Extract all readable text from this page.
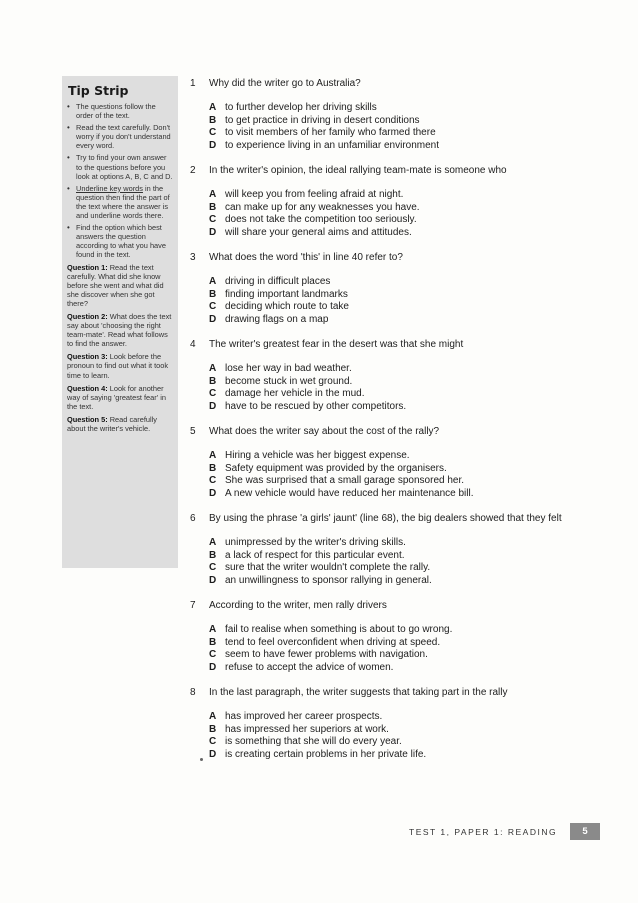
Tip Strip
• The questions follow the order of the text.
• Read the text carefully. Don't worry if you don't understand every word.
• Try to find your own answer to the questions before you look at options A, B, C and D.
• Underline key words in the question then find the part of the text where the answer is and underline words there.
• Find the option which best answers the question according to what you have found in the text.
Question 1: Read the text carefully. What did she know before she went and what did she discover when she got there?
Question 2: What does the text say about 'choosing the right team-mate'. Read what follows to find the answer.
Question 3: Look before the pronoun to find out what it took time to learn.
Question 4: Look for another way of saying 'greatest fear' in the text.
Question 5: Read carefully about the writer's vehicle.
1 Why did the writer go to Australia?
A to further develop her driving skills
B to get practice in driving in desert conditions
C to visit members of her family who farmed there
D to experience living in an unfamiliar environment
2 In the writer's opinion, the ideal rallying team-mate is someone who
A will keep you from feeling afraid at night.
B can make up for any weaknesses you have.
C does not take the competition too seriously.
D will share your general aims and attitudes.
3 What does the word 'this' in line 40 refer to?
A driving in difficult places
B finding important landmarks
C deciding which route to take
D drawing flags on a map
4 The writer's greatest fear in the desert was that she might
A lose her way in bad weather.
B become stuck in wet ground.
C damage her vehicle in the mud.
D have to be rescued by other competitors.
5 What does the writer say about the cost of the rally?
A Hiring a vehicle was her biggest expense.
B Safety equipment was provided by the organisers.
C She was surprised that a small garage sponsored her.
D A new vehicle would have reduced her maintenance bill.
6 By using the phrase 'a girls' jaunt' (line 68), the big dealers showed that they felt
A unimpressed by the writer's driving skills.
B a lack of respect for this particular event.
C sure that the writer wouldn't complete the rally.
D an unwillingness to sponsor rallying in general.
7 According to the writer, men rally drivers
A fail to realise when something is about to go wrong.
B tend to feel overconfident when driving at speed.
C seem to have fewer problems with navigation.
D refuse to accept the advice of women.
8 In the last paragraph, the writer suggests that taking part in the rally
A has improved her career prospects.
B has impressed her superiors at work.
C is something that she will do every year.
D is creating certain problems in her private life.
TEST 1, PAPER 1: READING	5
